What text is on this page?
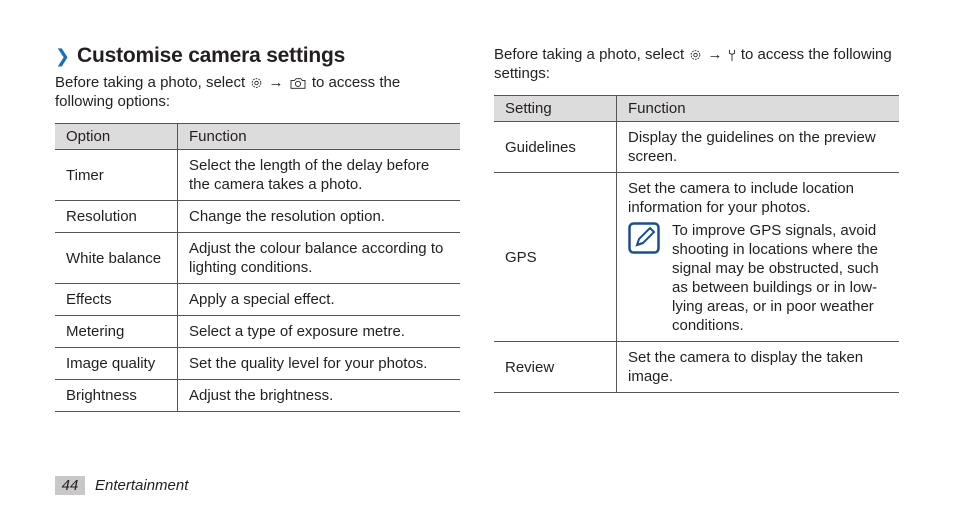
❯ Customise camera settings
Before taking a photo, select → to access the following options:
Option	Function
Timer	Select the length of the delay before the camera takes a photo.
Resolution	Change the resolution option.
White balance	Adjust the colour balance according to lighting conditions.
Effects	Apply a special effect.
Metering	Select a type of exposure metre.
Image quality	Set the quality level for your photos.
Brightness	Adjust the brightness.
Before taking a photo, select → to access the following settings:
Setting	Function
Guidelines	Display the guidelines on the preview screen.
GPS	Set the camera to include location information for your photos.
To improve GPS signals, avoid shooting in locations where the signal may be obstructed, such as between buildings or in low-lying areas, or in poor weather conditions.

Review	Set the camera to display the taken image.
44	Entertainment
